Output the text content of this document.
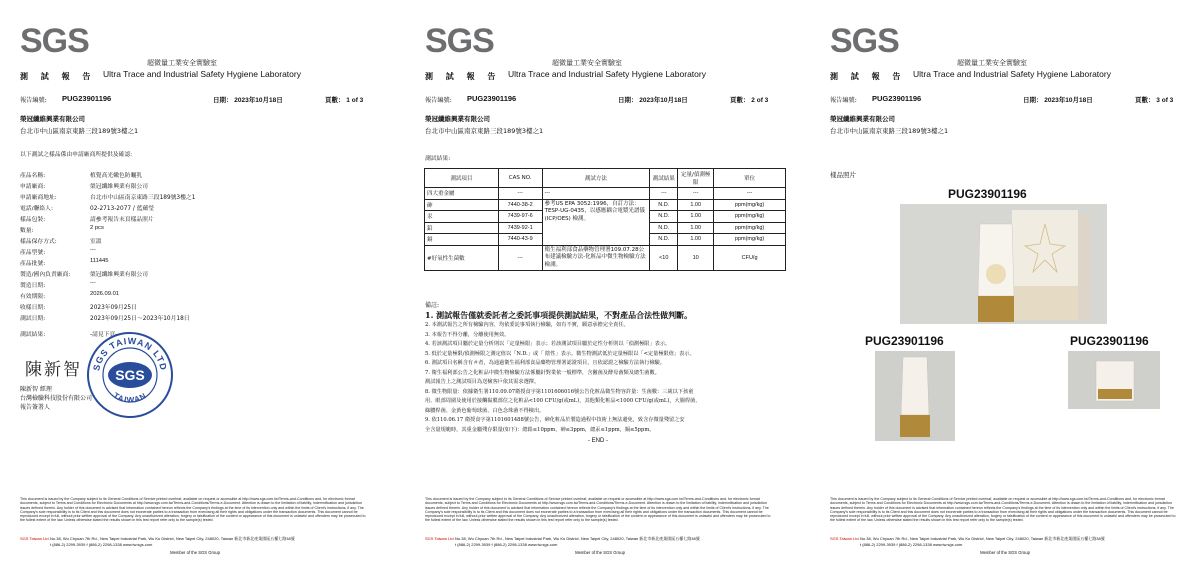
SGS
超微量工業安全實驗室
測 試 報 告 Ultra Trace and Industrial Safety Hygiene Laboratory
報告編號: PUG23901196	日期： 2023年10月18日	頁數： 1 of 3
榮冠纖維興業有限公司
台北市中山區南京東路三段189號3樓之1
以下測試之樣品係由申請廠商所提供及確認:
產品名稱:	植覺高光嫩色防曬乳
申請廠商:	榮冠纖維興業有限公司
申請廠商地址:	台北市中山區南京東路三段189號3樓之1
電話/聯絡人:	02-2713-2077 / 藍蘊瑩
樣品包裝:	請參考報告末頁樣品照片
數量:	2 pcs
樣品保存方式:	室溫
產品型號:	---
產品批號:	111445
製造/國內負責廠商:	榮冠纖維興業有限公司
製造日期:	---
有效期限:	2026.09.01
收樣日期:	2023年09月25日
測試日期:	2023年09月25日～2023年10月18日
測試結果:	-請見下頁-
陳新智
陳新智 經理
台灣檢驗科技股份有限公司
報告簽署人
SGS TAIWAN LTD
TAIWAN
SGS
This document is issued by the Company subject to its General Conditions of Service printed overleaf, available on request or accessible at http://www.sgs.com.tw/Terms-and-Conditions and, for electronic format documents, subject to Terms and Conditions for Electronic Documents at http://www.sgs.com.tw/Terms-and-Conditions/Terms-e-Document. Attention is drawn to the limitation of liability, indemnification and jurisdiction issues defined therein. Any holder of this document is advised that information contained hereon reflects the Company's findings at the time of its intervention only and within the limits of Client's instructions, if any. The Company's sole responsibility is to its Client and this document does not exonerate parties to a transaction from exercising all their rights and obligations under the transaction documents. This document cannot be reproduced except in full, without prior written approval of the Company. Any unauthorized alteration, forgery or falsification of the content or appearance of this document is unlawful and offenders may be prosecuted to the fullest extent of the law. Unless otherwise stated the results shown in this test report refer only to the sample(s) tested.
SGS Taiwan Ltd. No.38, Wu Chyuan 7th Rd., New Taipei Industrial Park, Wu Ku District, New Taipei City, 248020, Taiwan 新北市新北產業園區五權七路38號
t (886-2) 2299-3939 f (886-2) 2298-1338 www.tw.sgs.com
Member of the SGS Group
SGS
超微量工業安全實驗室
測 試 報 告 Ultra Trace and Industrial Safety Hygiene Laboratory
報告編號: PUG23901196	日期： 2023年10月18日	頁數： 2 of 3
榮冠纖維興業有限公司
台北市中山區南京東路三段189號3樓之1
測試結果:
測試項目	CAS NO.	測試方法	測試結果	定量/偵測極限	單位
四大重金屬	---	---	---	---	---
砷	7440-38-2	參考US EPA 3052:1996，自訂方法：TESP-UG-0435，以感應耦合電漿光譜儀(ICP/OES) 檢測。	N.D.	1.00	ppm(mg/kg)
汞	7439-97-6		N.D.	1.00	ppm(mg/kg)
鉛	7439-92-1		N.D.	1.00	ppm(mg/kg)
鎘	7440-43-9		N.D.	1.00	ppm(mg/kg)
#好氧性生菌數	---	衛生福利部食品藥物管理署109.07.28公布建議檢驗方法-化粧品中微生物檢驗方法檢測。	<10	10	CFU/g
備註:
1. 測試報告僅就委託者之委託事項提供測試結果，不對產品合法性做判斷。
2. 本測試報告之所有檢驗內容，均依委託事項執行檢驗，如有不實，願意承擔完全責任。
3. 本報告不得分離，分離使用無效。
4. 若該測試項目屬於定量分析則以「定量極限」表示；若該測試項目屬於定性分析則以「偵測極限」表示。
5. 低於定量極限/偵測極限之測定值以「N.D.」或「 陰性」表示。微生物測試低於定量極限以「<定量極限值」表示。
6. 測試項目名稱含有＃者，為通過衛生福利部食品藥物管理署認證項目，且依認證之檢驗方法執行檢驗。
7. 衛生福利部公告之化粧品中微生物檢驗方法係屬針對業依一般標準，含黴菌及酵母菌類及總生菌數。
測試報告上之測試項目為送檢客戶依其需求選擇。
8. 微生物限量：依據衛生署110.09.07衛授食字第1101606016號公告化粧品微生物容許量：生菌數：三歲以下孩童
用、眼部周圍及使用於接觸黏膜部位之化粧品<100 CFU/g(或mL)，其他類化粧品<1000 CFU/g(或mL)，大腸桿菌、
綠膿桿菌、金黃色葡萄球菌、白色念珠菌不得檢出。
9. 依110.06.17 衛授食字第1101601488號公告，砷化粧品於製造過程中技術上無法避免，致含存微量殘留之安
全含量規範時，其重金屬殘存限量(如下)：總鉛≤10ppm，砷≤3ppm，總汞≤1ppm，鎘≤5ppm。
- END -
This document is issued by the Company subject to its General Conditions of Service printed overleaf, available on request or accessible at http://www.sgs.com.tw/Terms-and-Conditions and, for electronic format documents, subject to Terms and Conditions for Electronic Documents at http://www.sgs.com.tw/Terms-and-Conditions/Terms-e-Document. Attention is drawn to the limitation of liability, indemnification and jurisdiction issues defined therein. Any holder of this document is advised that information contained hereon reflects the Company's findings at the time of its intervention only and within the limits of Client's instructions, if any. The Company's sole responsibility is to its Client and this document does not exonerate parties to a transaction from exercising all their rights and obligations under the transaction documents. This document cannot be reproduced except in full, without prior written approval of the Company. Any unauthorized alteration, forgery or falsification of the content or appearance of this document is unlawful and offenders may be prosecuted to the fullest extent of the law. Unless otherwise stated the results shown in this test report refer only to the sample(s) tested.
SGS Taiwan Ltd. No.38, Wu Chyuan 7th Rd., New Taipei Industrial Park, Wu Ku District, New Taipei City, 248020, Taiwan 新北市新北產業園區五權七路38號
t (886-2) 2299-3939 f (886-2) 2298-1338 www.tw.sgs.com
Member of the SGS Group
SGS
超微量工業安全實驗室
測 試 報 告 Ultra Trace and Industrial Safety Hygiene Laboratory
報告編號: PUG23901196	日期： 2023年10月18日	頁數： 3 of 3
榮冠纖維興業有限公司
台北市中山區南京東路三段189號3樓之1
樣品照片
PUG23901196
PUG23901196	PUG23901196
This document is issued by the Company subject to its General Conditions of Service printed overleaf, available on request or accessible at http://www.sgs.com.tw/Terms-and-Conditions and, for electronic format documents, subject to Terms and Conditions for Electronic Documents at http://www.sgs.com.tw/Terms-and-Conditions/Terms-e-Document. Attention is drawn to the limitation of liability, indemnification and jurisdiction issues defined therein. Any holder of this document is advised that information contained hereon reflects the Company's findings at the time of its intervention only and within the limits of Client's instructions, if any. The Company's sole responsibility is to its Client and this document does not exonerate parties to a transaction from exercising all their rights and obligations under the transaction documents. This document cannot be reproduced except in full, without prior written approval of the Company. Any unauthorized alteration, forgery or falsification of the content or appearance of this document is unlawful and offenders may be prosecuted to the fullest extent of the law. Unless otherwise stated the results shown in this test report refer only to the sample(s) tested.
SGS Taiwan Ltd. No.38, Wu Chyuan 7th Rd., New Taipei Industrial Park, Wu Ku District, New Taipei City, 248020, Taiwan 新北市新北產業園區五權七路38號
t (886-2) 2299-3939 f (886-2) 2298-1338 www.tw.sgs.com
Member of the SGS Group
